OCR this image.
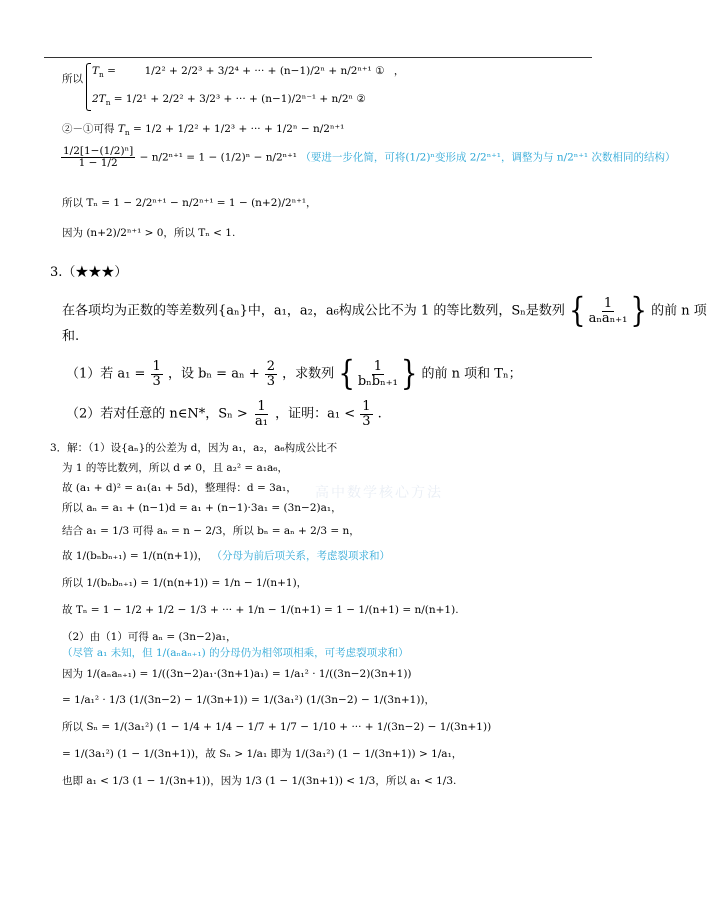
所以
$T_n$ =	1/2² + 2/2³ + 3/2⁴ + ··· + (n−1)/2ⁿ + n/2ⁿ⁺¹ ① ，
$2T_n = 1/2^1 + 2/2^2 + 3/2^3$ + ··· + (n−1)/2ⁿ⁻¹ + n/2ⁿ ②
②－①可得 $T_n = 1/2 + 1/2^2 + 1/2^3$ + ··· + 1/2ⁿ − n/2ⁿ⁺¹
$\frac{\text{1/2[1−(1/2)ⁿ]}}{1 - 1/2} - n/2^{n+1} = 1 - (1/2)^n - n/2^{n+1}$ （要进一步化简，可将(1/2)ⁿ变形成 2/2ⁿ⁺¹，调整为与 n/2ⁿ⁺¹ 次数相同的结构）
所以 Tₙ = 1 − 2/2ⁿ⁺¹ − n/2ⁿ⁺¹ = 1 − (n+2)/2ⁿ⁺¹，
因为 (n+2)/2ⁿ⁺¹ > 0，所以 Tₙ < 1.
3.（★★★）
在各项均为正数的等差数列{aₙ}中，a₁，a₂，a₆构成公比不为 1 的等比数列，Sₙ是数列 { $\frac{1}{\text{aₙaₙ₊₁}}$ } 的前 n 项
和.
（1）若 $a_1 = \frac{1}{3}$ ，设 $b_n = a_n + \frac{2}{3}$ ，求数列 { $\frac{1}{\text{bₙbₙ₊₁}}$ } 的前 n 项和 Tₙ；
（2）若对任意的 n∈N*，$S_n > \frac{1}{\text{a₁}}$ ，证明：$a_1 < \frac{1}{3}$ .
高中数学核心方法
3．解：（1）设{aₙ}的公差为 d，因为 a₁，a₂，a₆构成公比不
为 1 的等比数列，所以 d ≠ 0，且 a₂² = a₁a₆，
故 (a₁ + d)² = a₁(a₁ + 5d)，整理得：d = 3a₁，
所以 aₙ = a₁ + (n−1)d = a₁ + (n−1)·3a₁ = (3n−2)a₁，
结合 a₁ = 1/3 可得 aₙ = n − 2/3，所以 bₙ = aₙ + 2/3 = n，
故 1/(bₙbₙ₊₁) = 1/(n(n+1))， （分母为前后项关系，考虑裂项求和）
所以 1/(bₙbₙ₊₁) = 1/(n(n+1)) = 1/n − 1/(n+1)，
故 Tₙ = 1 − 1/2 + 1/2 − 1/3 + ··· + 1/n − 1/(n+1) = 1 − 1/(n+1) = n/(n+1).
（2）由（1）可得 aₙ = (3n−2)a₁，
（尽管 a₁ 未知，但 1/(aₙaₙ₊₁) 的分母仍为相邻项相乘，可考虑裂项求和）
因为 1/(aₙaₙ₊₁) = 1/((3n−2)a₁·(3n+1)a₁) = 1/a₁² · 1/((3n−2)(3n+1))
= 1/a₁² · 1/3 (1/(3n−2) − 1/(3n+1)) = 1/(3a₁²) (1/(3n−2) − 1/(3n+1))，
所以 Sₙ = 1/(3a₁²) (1 − 1/4 + 1/4 − 1/7 + 1/7 − 1/10 + ··· + 1/(3n−2) − 1/(3n+1))
= 1/(3a₁²) (1 − 1/(3n+1))，故 Sₙ > 1/a₁ 即为 1/(3a₁²) (1 − 1/(3n+1)) > 1/a₁，
也即 a₁ < 1/3 (1 − 1/(3n+1))，因为 1/3 (1 − 1/(3n+1)) < 1/3，所以 a₁ < 1/3.
